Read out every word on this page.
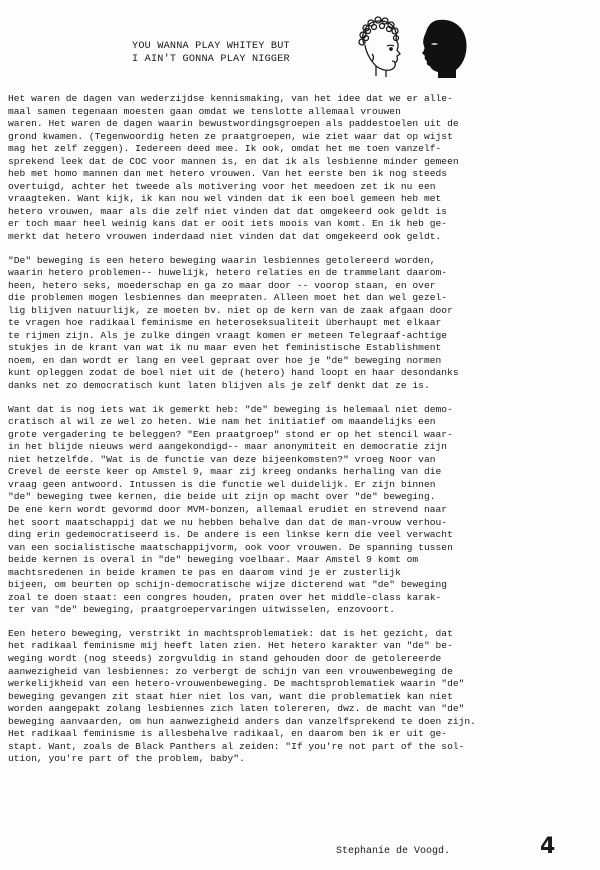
YOU WANNA PLAY WHITEY BUT
I AIN'T GONNA PLAY NIGGER

Het waren de dagen van wederzijdse kennismaking, van het idee dat we er alle-
maal samen tegenaan moesten gaan omdat we tenslotte allemaal vrouwen
waren. Het waren de dagen waarin bewustwordingsgroepen als paddestoelen uit de
grond kwamen. (Tegenwoordig heten ze praatgroepen, wie ziet waar dat op wijst
mag het zelf zeggen). Iedereen deed mee. Ik ook, omdat het me toen vanzelf-
sprekend leek dat de COC voor mannen is, en dat ik als lesbienne minder gemeen
heb met homo mannen dan met hetero vrouwen. Van het eerste ben ik nog steeds
overtuigd, achter het tweede als motivering voor het meedoen zet ik nu een
vraagteken. Want kijk, ik kan nou wel vinden dat ik een boel gemeen heb met
hetero vrouwen, maar als die zelf niet vinden dat dat omgekeerd ook geldt is
er toch maar heel weinig kans dat er ooit iets moois van komt. En ik heb ge-
merkt dat hetero vrouwen inderdaad niet vinden dat dat omgekeerd ook geldt.

"De" beweging is een hetero beweging waarin lesbiennes getolereerd worden,
waarin hetero problemen-- huwelijk, hetero relaties en de trammelant daarom-
heen, hetero seks, moederschap en ga zo maar door -- voorop staan, en over
die problemen mogen lesbiennes dan meepraten. Alleen moet het dan wel gezel-
lig blijven natuurlijk, ze moeten bv. niet op de kern van de zaak afgaan door
te vragen hoe radikaal feminisme en heteroseksualiteit überhaupt met elkaar
te rijmen zijn. Als je zulke dingen vraagt komen er meteen Telegraaf-achtige
stukjes in de krant van wat ik nu maar even het feministische Establishment
noem, en dan wordt er lang en veel gepraat over hoe je "de" beweging normen
kunt opleggen zodat de boel niet uit de (hetero) hand loopt en haar desondanks
danks net zo democratisch kunt laten blijven als je zelf denkt dat ze is.

Want dat is nog iets wat ik gemerkt heb: "de" beweging is helemaal niet demo-
cratisch al wil ze wel zo heten. Wie nam het initiatief om maandelijks een
grote vergadering te beleggen? "Een praatgroep" stond er op het stencil waar-
in het blijde nieuws werd aangekondigd-- maar anonymiteit en democratie zijn
niet hetzelfde. "Wat is de functie van deze bijeenkomsten?" vroeg Noor van
Crevel de eerste keer op Amstel 9, maar zij kreeg ondanks herhaling van die
vraag geen antwoord. Intussen is die functie wel duidelijk. Er zijn binnen
"de" beweging twee kernen, die beide uit zijn op macht over "de" beweging.
De ene kern wordt gevormd door MVM-bonzen, allemaal erudiet en strevend naar
het soort maatschappij dat we nu hebben behalve dan dat de man-vrouw verhou-
ding erin gedemocratiseerd is. De andere is een linkse kern die veel verwacht
van een socialistische maatschappijvorm, ook voor vrouwen. De spanning tussen
beide kernen is overal in "de" beweging voelbaar. Maar Amstel 9 komt om
machtsredenen in beide kramen te pas en daarom vind je er zusterlijk
bijeen, om beurten op schijn-democratische wijze dicterend wat "de" beweging
zoal te doen staat: een congres houden, praten over het middle-class karak-
ter van "de" beweging, praatgroepervaringen uitwisselen, enzovoort.

Een hetero beweging, verstrikt in machtsproblematiek: dat is het gezicht, dat
het radikaal feminisme mij heeft laten zien. Het hetero karakter van "de" be-
weging wordt (nog steeds) zorgvuldig in stand gehouden door de getolereerde
aanwezigheid van lesbiennes: zo verbergt de schijn van een vrouwenbeweging de
werkelijkheid van een hetero-vrouwenbeweging. De machtsproblematiek waarin "de"
beweging gevangen zit staat hier niet los van, want die problematiek kan niet
worden aangepakt zolang lesbiennes zich laten tolereren, dwz. de macht van "de"
beweging aanvaarden, om hun aanwezigheid anders dan vanzelfsprekend te doen zijn.
Het radikaal feminisme is allesbehalve radikaal, en daarom ben ik er uit ge-
stapt. Want, zoals de Black Panthers al zeiden: "If you're not part of the sol-
ution, you're part of the problem, baby".

Stephanie de Voogd.	4
